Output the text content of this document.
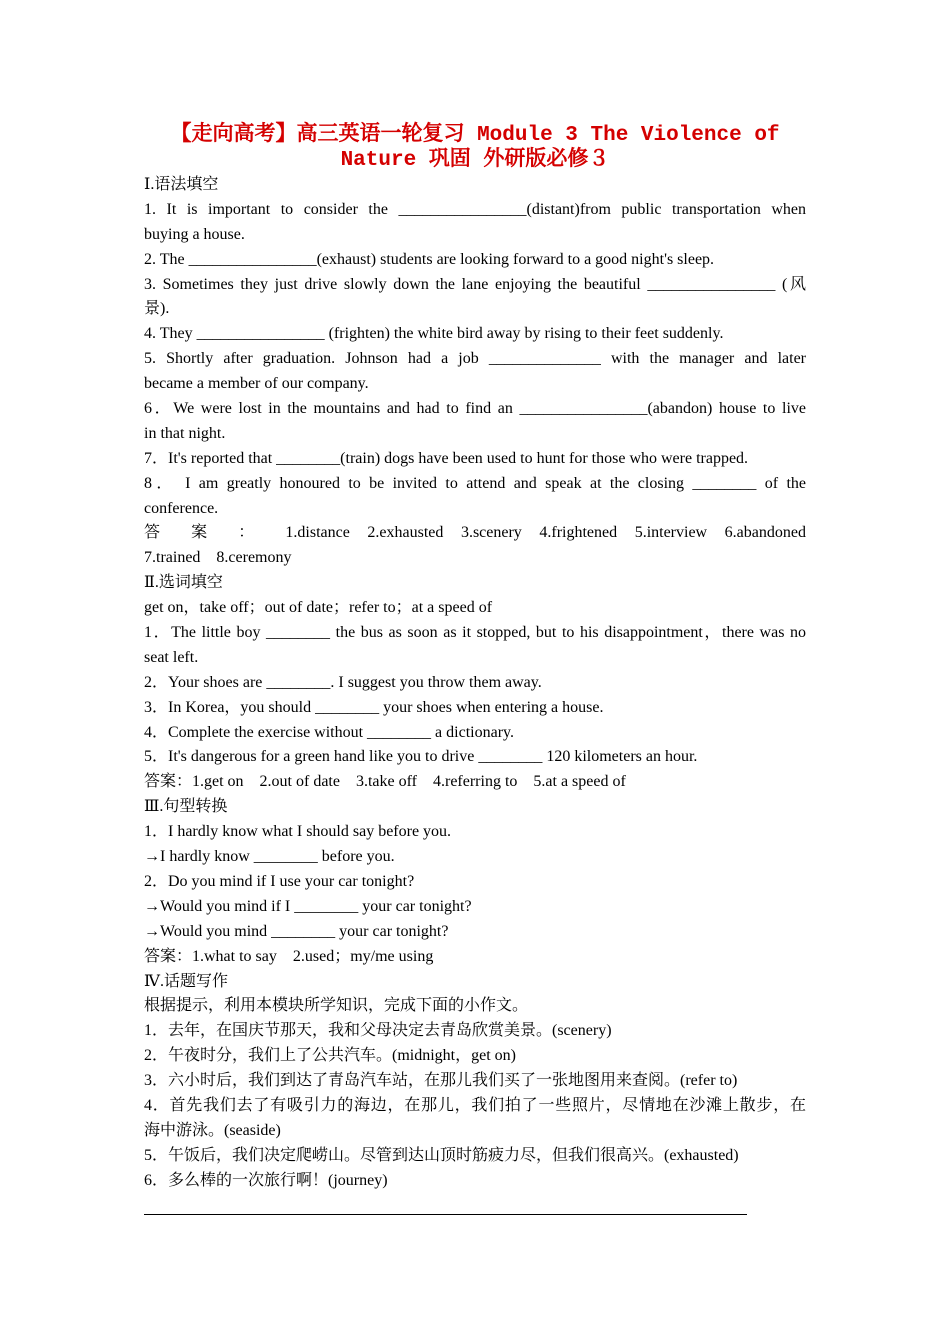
【走向高考】高三英语一轮复习 Module 3 The Violence of
Nature 巩固 外研版必修３
Ⅰ.语法填空
1. It is important to consider the ________________(distant)from public transportation when
buying a house.
2. The ________________(exhaust) students are looking forward to a good night's sleep.
3. Sometimes they just drive slowly down the lane enjoying the beautiful ________________ (风
景).
4. They ________________ (frighten) the white bird away by rising to their feet suddenly.
5. Shortly after graduation. Johnson had a job ______________ with the manager and later
became a member of our company.
6．We were lost in the mountains and had to find an ________________(abandon) house to live
in that night.
7．It's reported that ________(train) dogs have been used to hunt for those who were trapped.
8． I am greatly honoured to be invited to attend and speak at the closing ________ of the
conference.
答 案 ： 1.distance 2.exhausted 3.scenery 4.frightened 5.interview 6.abandoned
7.trained　8.ceremony
Ⅱ.选词填空
get on，take off；out of date；refer to；at a speed of
1．The little boy ________ the bus as soon as it stopped, but to his disappointment，there was no
seat left.
2．Your shoes are ________. I suggest you throw them away.
3．In Korea，you should ________ your shoes when entering a house.
4．Complete the exercise without ________ a dictionary.
5．It's dangerous for a green hand like you to drive ________ 120 kilometers an hour.
答案：1.get on　2.out of date　3.take off　4.referring to　5.at a speed of
Ⅲ.句型转换
1．I hardly know what I should say before you.
→I hardly know ________ before you.
2．Do you mind if I use your car tonight?
→Would you mind if I ________ your car tonight?
→Would you mind ________ your car tonight?
答案：1.what to say　2.used；my/me using
Ⅳ.话题写作
根据提示，利用本模块所学知识，完成下面的小作文。
1．去年，在国庆节那天，我和父母决定去青岛欣赏美景。(scenery)
2．午夜时分，我们上了公共汽车。(midnight，get on)
3．六小时后，我们到达了青岛汽车站，在那儿我们买了一张地图用来查阅。(refer to)
4．首先我们去了有吸引力的海边，在那儿，我们拍了一些照片，尽情地在沙滩上散步，在
海中游泳。(seaside)
5．午饭后，我们决定爬崂山。尽管到达山顶时筋疲力尽，但我们很高兴。(exhausted)
6．多么棒的一次旅行啊！(journey)
